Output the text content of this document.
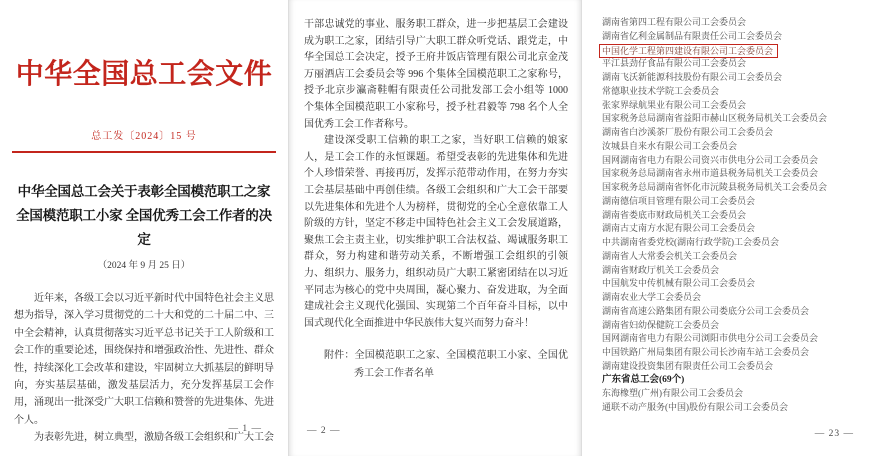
中华全国总工会文件
总工发〔2024〕15 号
中华全国总工会关于表彰全国模范职工之家
全国模范职工小家 全国优秀工会工作者的决定
（2024 年 9 月 25 日）

近年来，各级工会以习近平新时代中国特色社会主义思想为指导，深入学习贯彻党的二十大和党的二十届二中、三中全会精神，认真贯彻落实习近平总书记关于工人阶级和工会工作的重要论述，围绕保持和增强政治性、先进性、群众性，持续深化工会改革和建设，牢固树立大抓基层的鲜明导向，夯实基层基础，激发基层活力，充分发挥基层工会作用，涌现出一批深受广大职工信赖和赞誉的先进集体、先进个人。

为表彰先进，树立典型，激励各级工会组织和广大工会

— 1 —

干部忠诚党的事业、服务职工群众，进一步把基层工会建设成为职工之家，团结引导广大职工群众听党话、跟党走，中华全国总工会决定，授予王府井饭店管理有限公司北京金茂万丽酒店工会委员会等 996 个集体全国模范职工之家称号，授予北京步瀛斋鞋帽有限责任公司批发部工会小组等 1000 个集体全国模范职工小家称号，授予杜君毅等 798 名个人全国优秀工会工作者称号。

建设深受职工信赖的职工之家，当好职工信赖的娘家人，是工会工作的永恒课题。希望受表彰的先进集体和先进个人珍惜荣誉、再接再厉，发挥示范带动作用，在努力夯实工会基层基础中再创佳绩。各级工会组织和广大工会干部要以先进集体和先进个人为榜样，贯彻党的全心全意依靠工人阶级的方针，坚定不移走中国特色社会主义工会发展道路，聚焦工会主责主业，切实维护职工合法权益、竭诚服务职工群众，努力构建和谐劳动关系，不断增强工会组织的引领力、组织力、服务力，组织动员广大职工紧密团结在以习近平同志为核心的党中央周围，凝心聚力、奋发进取，为全面建成社会主义现代化强国、实现第二个百年奋斗目标，以中国式现代化全面推进中华民族伟大复兴而努力奋斗！

附件：全国模范职工之家、全国模范职工小家、全国优秀工会工作者名单
— 2 —
湖南省第四工程有限公司工会委员会
湖南省亿利金属制品有限责任公司工会委员会
中国化学工程第四建设有限公司工会委员会
平江县劲仔食品有限公司工会委员会
湖南飞沃新能源科技股份有限公司工会委员会
常德职业技术学院工会委员会
张家界绿航果业有限公司工会委员会
国家税务总局湖南省益阳市赫山区税务局机关工会委员会
湖南省白沙溪茶厂股份有限公司工会委员会
汝城县自来水有限公司工会委员会
国网湖南省电力有限公司资兴市供电分公司工会委员会
国家税务总局湖南省永州市道县税务局机关工会委员会
国家税务总局湖南省怀化市沅陵县税务局机关工会委员会
湖南德信项目管理有限公司工会委员会
湖南省娄底市财政局机关工会委员会
湖南古丈南方水泥有限公司工会委员会
中共湖南省委党校(湖南行政学院)工会委员会
湖南省人大常委会机关工会委员会
湖南省财政厅机关工会委员会
中国航发中传机械有限公司工会委员会
湖南农业大学工会委员会
湖南省高速公路集团有限公司娄底分公司工会委员会
湖南省妇幼保健院工会委员会
国网湖南省电力有限公司浏阳市供电分公司工会委员会
中国铁路广州局集团有限公司长沙南车站工会委员会
湖南建设投资集团有限责任公司工会委员会
广东省总工会(69个)
东海橡塑(广州)有限公司工会委员会
通联不动产服务(中国)股份有限公司工会委员会
— 23 —
